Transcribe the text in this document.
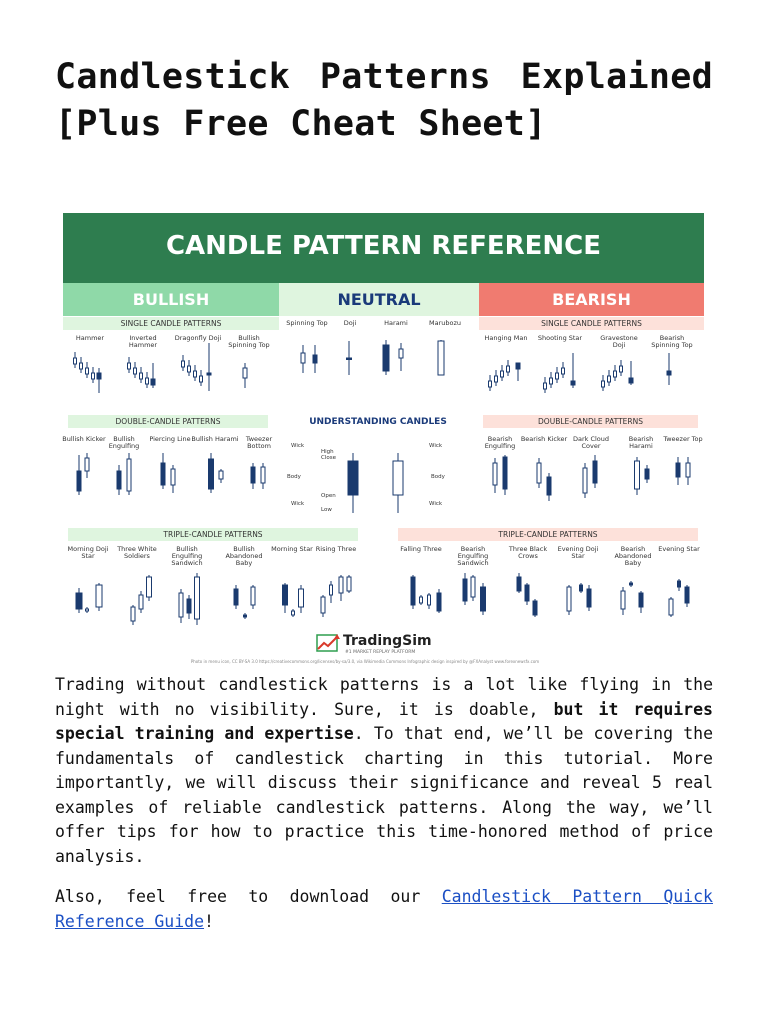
Candlestick Patterns Explained [Plus Free Cheat Sheet]
CANDLE PATTERN REFERENCE
BULLISH	NEUTRAL	BEARISH
SINGLE CANDLE PATTERNS	SINGLE CANDLE PATTERNS
DOUBLE-CANDLE PATTERNS	DOUBLE-CANDLE PATTERNS
TRIPLE-CANDLE PATTERNS	TRIPLE-CANDLE PATTERNS
UNDERSTANDING CANDLES
Hammer	Inverted Hammer
Dragonfly Doji	Bullish Spinning Top
Spinning Top	Doji	Harami	Marubozu
Hanging Man	Shooting Star	Gravestone Doji
Bearish Spinning Top
Bullish Kicker	Bullish Engulfing
Piercing Line Bullish Harami	Tweezer Bottom
Bearish Engulfing
Bearish Kicker Dark Cloud Cover
Bearish Harami
Tweezer Top
Morning Doji Star
Three White Soldiers
Bullish Engulfing Sandwich
Bullish Abandoned Baby
Morning Star Rising Three	Falling Three	Bearish Engulfing Sandwich
Three Black Crows
Evening Doji Star
Bearish Abandoned Baby
Evening Star
Wick
Body
Wick
High
Close
Open
Low
Wick
Body
Wick
TradingSim
#1 MARKET REPLAY PLATFORM
Photo in menu icon, CC BY-SA 3.0 https://creativecommons.org/licenses/by-sa/3.0, via Wikimedia Commons Infographic design inspired by @FXAnalyst www.forexnewsfx.com

Trading without candlestick patterns is a lot like flying in the night with no visibility. Sure, it is doable, but it requires special training and expertise. To that end, we’ll be covering the fundamentals of candlestick charting in this tutorial. More importantly, we will discuss their significance and reveal 5 real examples of reliable candlestick patterns. Along the way, we’ll offer tips for how to practice this time-honored method of price analysis.

Also, feel free to download our Candlestick Pattern Quick Reference Guide!
